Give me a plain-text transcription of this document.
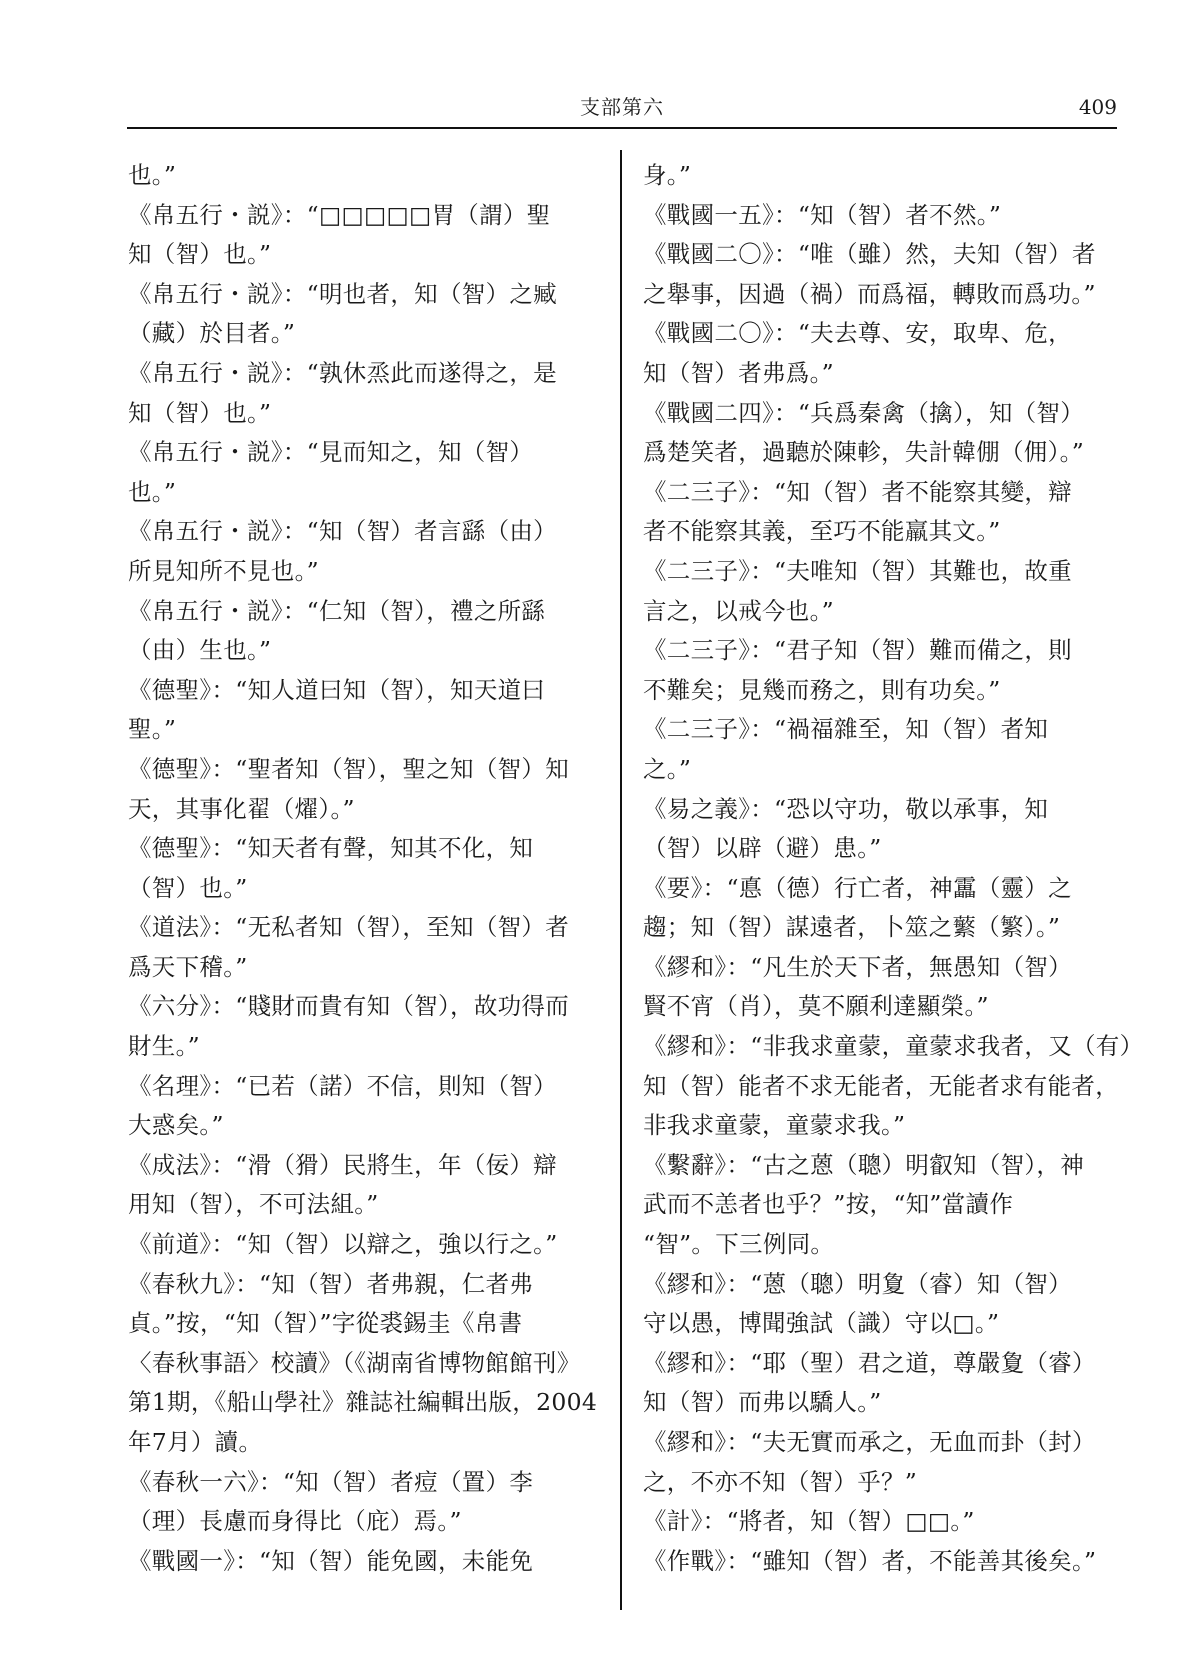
支部第六	409

也。”

《帛五行・説》：“□□□□□胃（謂）聖

知（智）也。”

《帛五行・説》：“明也者，知（智）之臧

（藏）於目者。”

《帛五行・説》：“孰休烝此而遂得之，是

知（智）也。”

《帛五行・説》：“見而知之，知（智）

也。”

《帛五行・説》：“知（智）者言繇（由）

所見知所不見也。”

《帛五行・説》：“仁知（智），禮之所繇

（由）生也。”

《德聖》：“知人道曰知（智），知天道曰

聖。”

《德聖》：“聖者知（智），聖之知（智）知

天，其事化翟（燿）。”

《德聖》：“知天者有聲，知其不化，知

（智）也。”

《道法》：“无私者知（智），至知（智）者

爲天下稽。”

《六分》：“賤財而貴有知（智），故功得而

財生。”

《名理》：“已若（諾）不信，則知（智）

大惑矣。”

《成法》：“滑（猾）民將生，年（佞）辯

用知（智），不可法組。”

《前道》：“知（智）以辯之，強以行之。”

《春秋九》：“知（智）者弗親，仁者弗

貞。”按，“知（智）”字從裘錫圭《帛書

〈春秋事語〉校讀》（《湖南省博物館館刊》

第1期，《船山學社》雜誌社編輯出版，2004

年7月）讀。

《春秋一六》：“知（智）者痘（置）李

（理）長慮而身得比（庇）焉。”

《戰國一》：“知（智）能免國，未能免

身。”

《戰國一五》：“知（智）者不然。”

《戰國二〇》：“唯（雖）然，夫知（智）者

之舉事，因過（禍）而爲福，轉敗而爲功。”

《戰國二〇》：“夫去尊、安，取卑、危，

知（智）者弗爲。”

《戰國二四》：“兵爲秦禽（擒），知（智）

爲楚笑者，過聽於陳軫，失計韓倗（佣）。”

《二三子》：“知（智）者不能察其變，辯

者不能察其義，至巧不能羸其文。”

《二三子》：“夫唯知（智）其難也，故重

言之，以戒今也。”

《二三子》：“君子知（智）難而備之，則

不難矣；見幾而務之，則有功矣。”

《二三子》：“禍福雜至，知（智）者知

之。”

《易之義》：“恐以守功，敬以承事，知

（智）以辟（避）患。”

《要》：“悳（德）行亡者，神靁（靈）之

趨；知（智）謀遠者，卜筮之蘩（繁）。”

《繆和》：“凡生於天下者，無愚知（智）

賢不宵（肖），莫不願利達顯榮。”

《繆和》：“非我求童蒙，童蒙求我者，又（有）

知（智）能者不求无能者，无能者求有能者，

非我求童蒙，童蒙求我。”

《繫辭》：“古之蒽（聰）明叡知（智），神

武而不恙者也乎？”按，“知”當讀作

“智”。下三例同。

《繆和》：“蒽（聰）明夐（睿）知（智）

守以愚，博聞強試（識）守以□。”

《繆和》：“耶（聖）君之道，尊嚴夐（睿）

知（智）而弗以驕人。”

《繆和》：“夫无實而承之，无血而卦（封）

之，不亦不知（智）乎？”

《計》：“將者，知（智）□□。”

《作戰》：“雖知（智）者，不能善其後矣。”
